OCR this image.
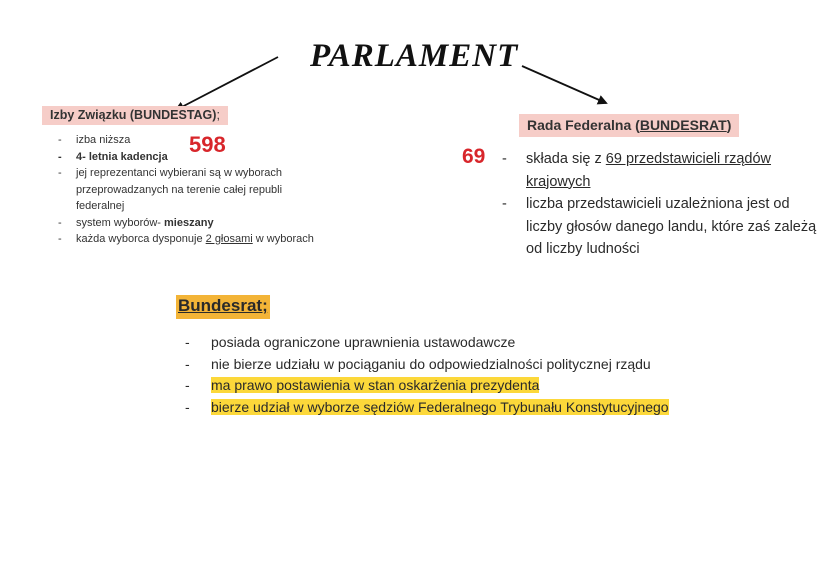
PARLAMENT
Izby Związku (BUNDESTAG);
598
- izba niższa
- 4- letnia kadencja
- jej reprezentanci wybierani są w wyborach przeprowadzanych na terenie całej republi federalnej
- system wyborów- mieszany
- każda wyborca dysponuje 2 głosami w wyborach
Rada Federalna (BUNDESRAT)
69
-	składa się z 69 przedstawicieli rządów krajowych
- liczba przedstawicieli uzależniona jest od liczby głosów danego landu, które zaś zależą od liczby ludności
Bundesrat;
- posiada ograniczone uprawnienia ustawodawcze
- nie bierze udziału w pociąganiu do odpowiedzialności politycznej rządu
- ma prawo postawienia w stan oskarżenia prezydenta
- bierze udział w wyborze sędziów Federalnego Trybunału Konstytucyjnego
